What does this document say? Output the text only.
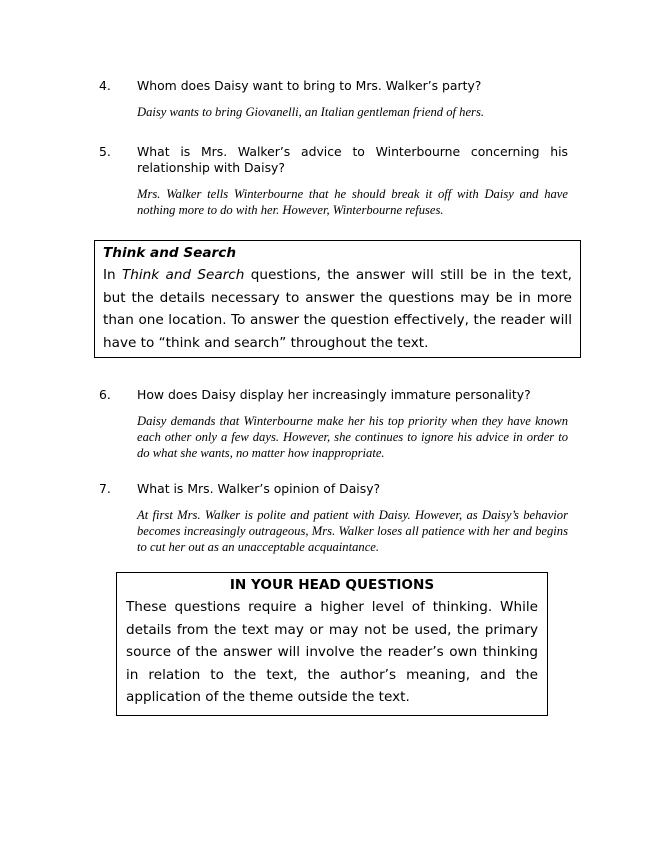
4. Whom does Daisy want to bring to Mrs. Walker’s party?
Daisy wants to bring Giovanelli, an Italian gentleman friend of hers.
5. What is Mrs. Walker’s advice to Winterbourne concerning his relationship with Daisy?
Mrs. Walker tells Winterbourne that he should break it off with Daisy and have nothing more to do with her. However, Winterbourne refuses.
Think and Search
In Think and Search questions, the answer will still be in the text, but the details necessary to answer the questions may be in more than one location. To answer the question effectively, the reader will have to “think and search” throughout the text.
6. How does Daisy display her increasingly immature personality?
Daisy demands that Winterbourne make her his top priority when they have known each other only a few days. However, she continues to ignore his advice in order to do what she wants, no matter how inappropriate.
7. What is Mrs. Walker’s opinion of Daisy?
At first Mrs. Walker is polite and patient with Daisy. However, as Daisy’s behavior becomes increasingly outrageous, Mrs. Walker loses all patience with her and begins to cut her out as an unacceptable acquaintance.
IN YOUR HEAD QUESTIONS
These questions require a higher level of thinking. While details from the text may or may not be used, the primary source of the answer will involve the reader’s own thinking in relation to the text, the author’s meaning, and the application of the theme outside the text.
